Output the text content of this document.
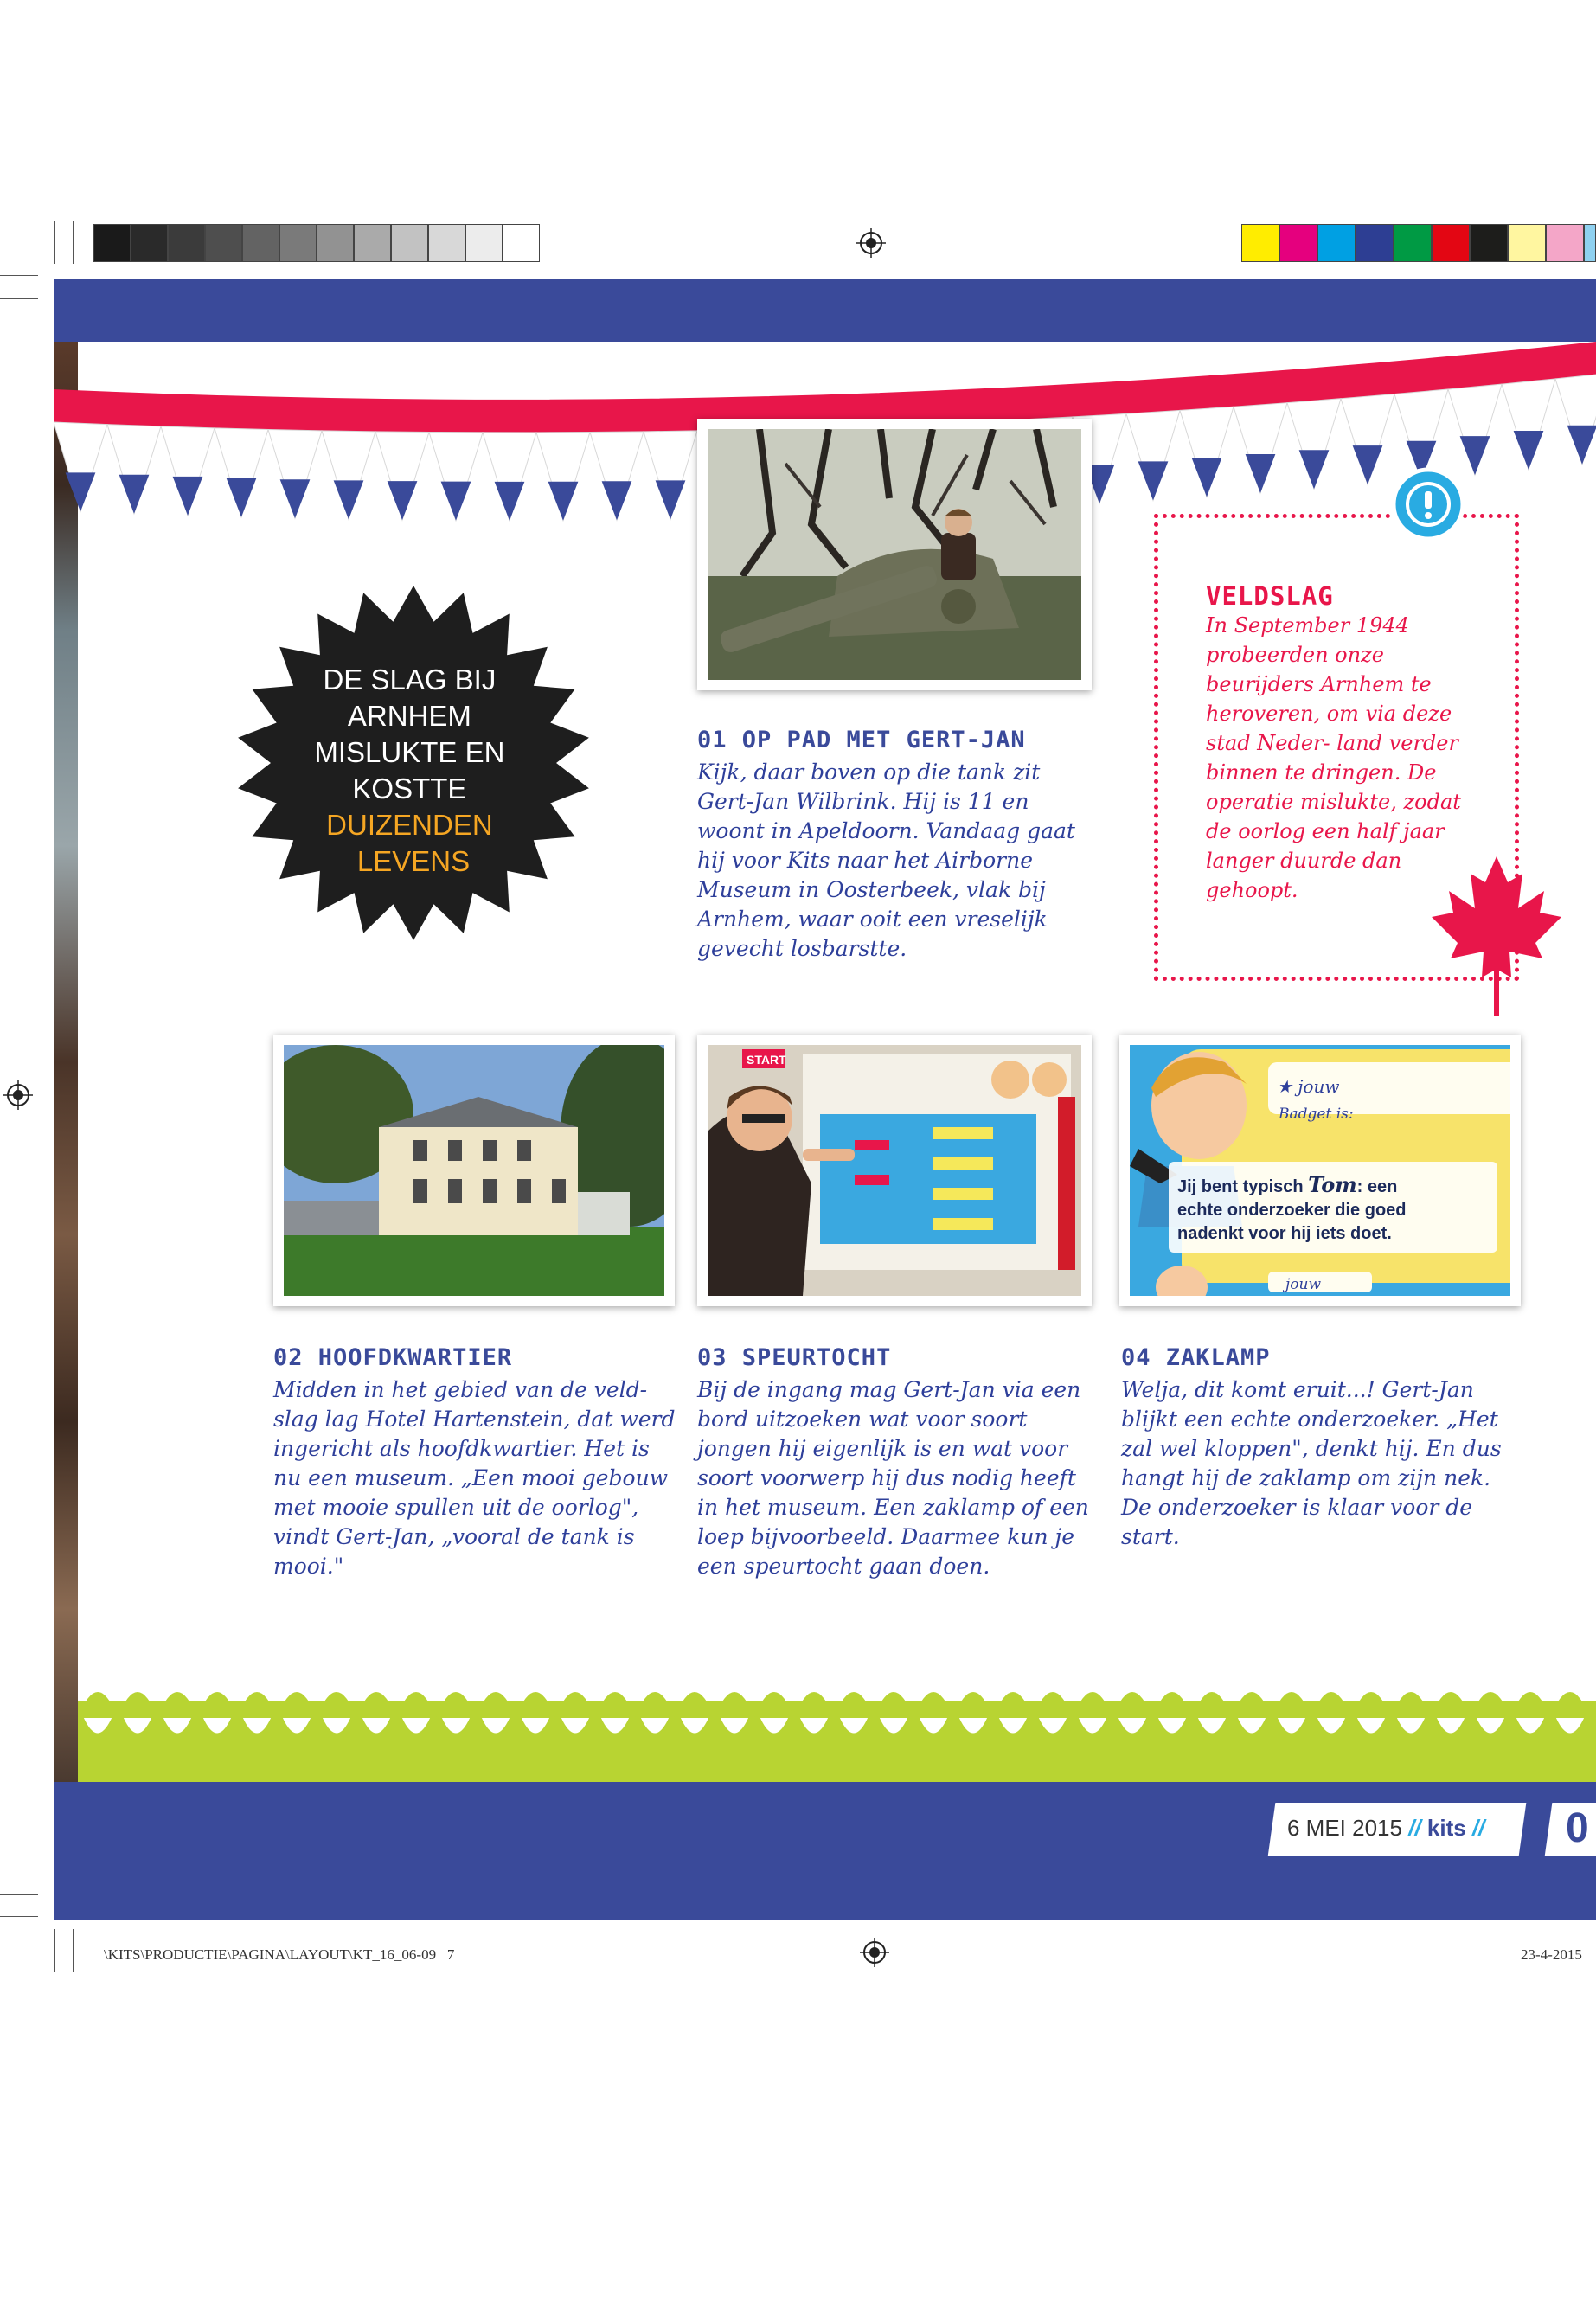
START
★ jouw
Badget is:
Jij bent typisch Tom: een
echte onderzoeker die goed
nadenkt voor hij iets doet.
jouw
DE SLAG BIJ ARNHEM MISLUKTE EN KOSTTE DUIZENDEN LEVENS
VELDSLAG
In September 1944 probeerden onze beurijders Arnhem te heroveren, om via deze stad Neder- land verder binnen te dringen. De operatie mislukte, zodat de oorlog een half jaar langer duurde dan gehoopt.
01 OP PAD MET GERT-JAN
Kijk, daar boven op die tank zit Gert-Jan Wilbrink. Hij is 11 en woont in Apeldoorn. Vandaag gaat hij voor Kits naar het Airborne Museum in Oosterbeek, vlak bij Arnhem, waar ooit een vreselijk gevecht losbarstte.
02 HOOFDKWARTIER
Midden in het gebied van de veld- slag lag Hotel Hartenstein, dat werd ingericht als hoofdkwartier. Het is nu een museum. „Een mooi gebouw met mooie spullen uit de oorlog", vindt Gert-Jan, „vooral de tank is mooi."
03 SPEURTOCHT
Bij de ingang mag Gert-Jan via een bord uitzoeken wat voor soort jongen hij eigenlijk is en wat voor soort voorwerp hij dus nodig heeft in het museum. Een zaklamp of een loep bijvoorbeeld. Daarmee kun je een speurtocht gaan doen.
04 ZAKLAMP
Welja, dit komt eruit...! Gert-Jan blijkt een echte onderzoeker. „Het zal wel kloppen", denkt hij. En dus hangt hij de zaklamp om zijn nek. De onderzoeker is klaar voor de start.
6 MEI 2015 // kits // 0
\KITS\PRODUCTIE\PAGINA\LAYOUT\KT_16_06-09   7	23-4-2015
